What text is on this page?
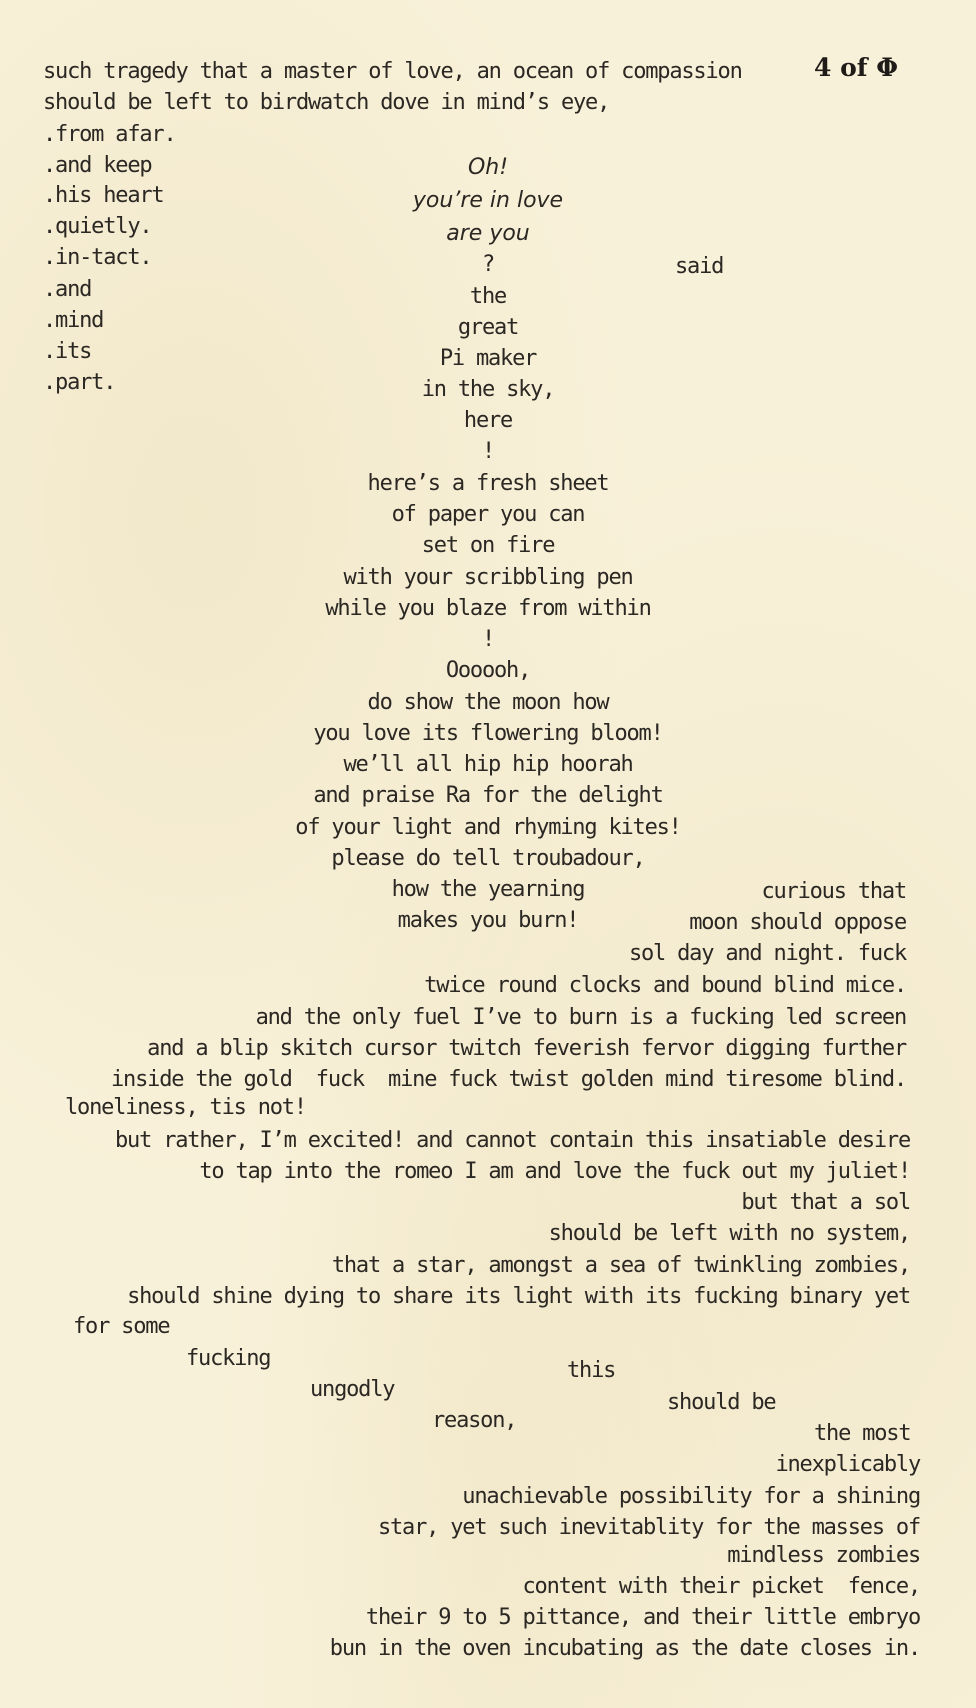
4 of Φ
such tragedy that a master of love, an ocean of compassion
should be left to birdwatch dove in mind’s eye,
.from afar.
.and keep
.his heart
.quietly.
.in-tact.
.and
.mind
.its
.part.
Oh!
you’re in love
are you
?	said
the
great
Pi maker
in the sky,
here
!
here’s a fresh sheet
of paper you can
set on fire
with your scribbling pen
while you blaze from within
!
Oooooh,
do show the moon how
you love its flowering bloom!
we’ll all hip hip hoorah
and praise Ra for the delight
of your light and rhyming kites!
please do tell troubadour,
how the yearning
makes you burn!
curious that
moon should oppose
sol day and night. fuck
twice round clocks and bound blind mice.
and the only fuel I’ve to burn is a fucking led screen
and a blip skitch cursor twitch feverish fervor digging further
inside the gold  fuck  mine fuck twist golden mind tiresome blind.
loneliness, tis not!
but rather, I’m excited! and cannot contain this insatiable desire
to tap into the romeo I am and love the fuck out my juliet!
but that a sol
should be left with no system,
that a star, amongst a sea of twinkling zombies,
should shine dying to share its light with its fucking binary yet
for some
fucking
ungodly
reason,
this
should be
the most
inexplicably
unachievable possibility for a shining
star, yet such inevitablity for the masses of
mindless zombies
content with their picket  fence,
their 9 to 5 pittance, and their little embryo
bun in the oven incubating as the date closes in.
